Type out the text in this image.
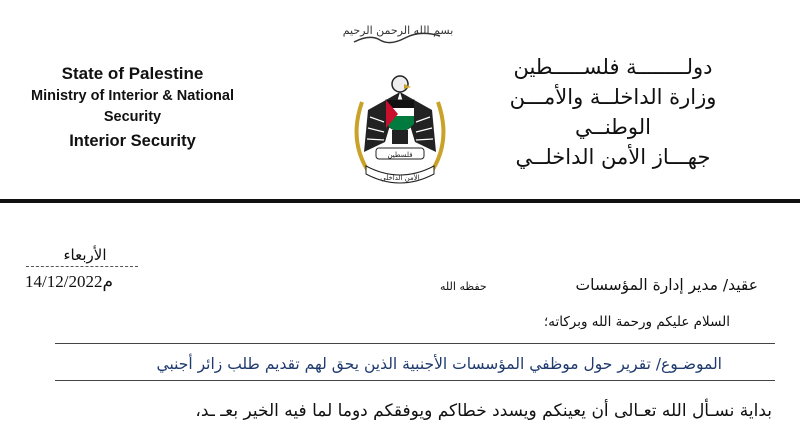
بسم الله الرحمن الرحيم
State of Palestine
Ministry of Interior & National
Security
Interior Security
فلسطين
الأمن الداخلي
دولــــــــة فلســـــطين
وزارة الداخلــة والأمـــن
الوطنــي
جهـــاز الأمن الداخلــي
الأربعاء
14/12/2022م	عقيد/ مدير إدارة المؤسسات
حفظه الله
السلام عليكم ورحمة الله وبركاته؛
الموضـوع/ تقرير حول موظفي المؤسسات الأجنبية الذين يحق لهم تقديم طلب زائر أجنبي
بداية نسـأل الله تعـالى أن يعينكم ويسدد خطاكم ويوفقكم دوما لما فيه الخير بعـ ـد،
